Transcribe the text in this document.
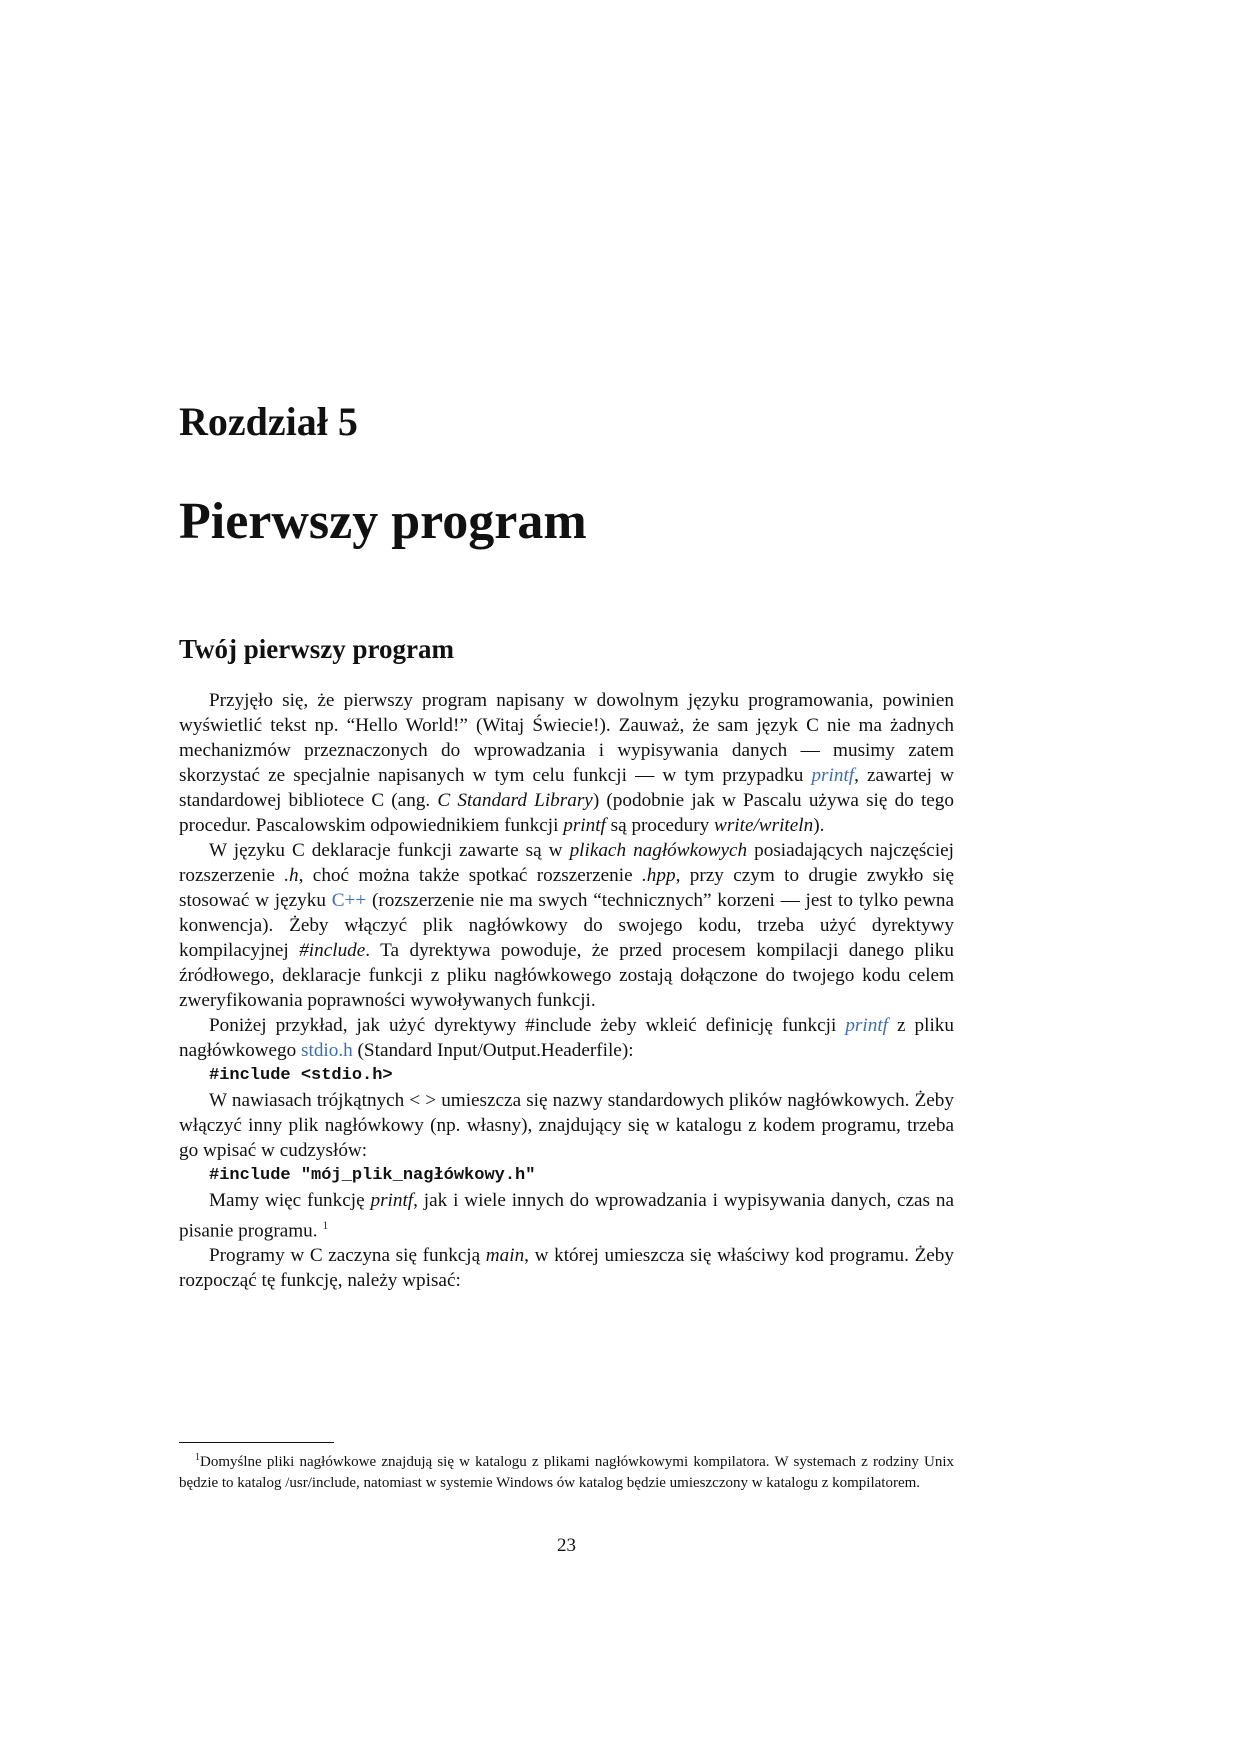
Rozdział 5
Pierwszy program
Twój pierwszy program

Przyjęło się, że pierwszy program napisany w dowolnym języku programowania, powinien wyświetlić tekst np. “Hello World!” (Witaj Świecie!). Zauważ, że sam język C nie ma żadnych mechanizmów przeznaczonych do wprowadzania i wypisywania danych — musimy zatem skorzystać ze specjalnie napisanych w tym celu funkcji — w tym przypadku printf, zawartej w standardowej bibliotece C (ang. C Standard Library) (podobnie jak w Pascalu używa się do tego procedur. Pascalowskim odpowiednikiem funkcji printf są procedury write/writeln).

W języku C deklaracje funkcji zawarte są w plikach nagłówkowych posiadających najczęściej rozszerzenie .h, choć można także spotkać rozszerzenie .hpp, przy czym to drugie zwykło się stosować w języku C++ (rozszerzenie nie ma swych “technicznych” korzeni — jest to tylko pewna konwencja). Żeby włączyć plik nagłówkowy do swojego kodu, trzeba użyć dyrektywy kompilacyjnej #include. Ta dyrektywa powoduje, że przed procesem kompilacji danego pliku źródłowego, deklaracje funkcji z pliku nagłówkowego zostają dołączone do twojego kodu celem zweryfikowania poprawności wywoływanych funkcji.

Poniżej przykład, jak użyć dyrektywy #include żeby wkleić definicję funkcji printf z pliku nagłówkowego stdio.h (Standard Input/Output.Headerfile):

#include <stdio.h>

W nawiasach trójkątnych < > umieszcza się nazwy standardowych plików nagłówkowych. Żeby włączyć inny plik nagłówkowy (np. własny), znajdujący się w katalogu z kodem programu, trzeba go wpisać w cudzysłów:

#include "mój_plik_nagłówkowy.h"

Mamy więc funkcję printf, jak i wiele innych do wprowadzania i wypisywania danych, czas na pisanie programu. $^1$

Programy w C zaczyna się funkcją main, w której umieszcza się właściwy kod programu. Żeby rozpocząć tę funkcję, należy wpisać:

$^1$Domyślne pliki nagłówkowe znajdują się w katalogu z plikami nagłówkowymi kompilatora. W systemach z rodziny Unix będzie to katalog /usr/include, natomiast w systemie Windows ów katalog będzie umieszczony w katalogu z kompilatorem.

23
